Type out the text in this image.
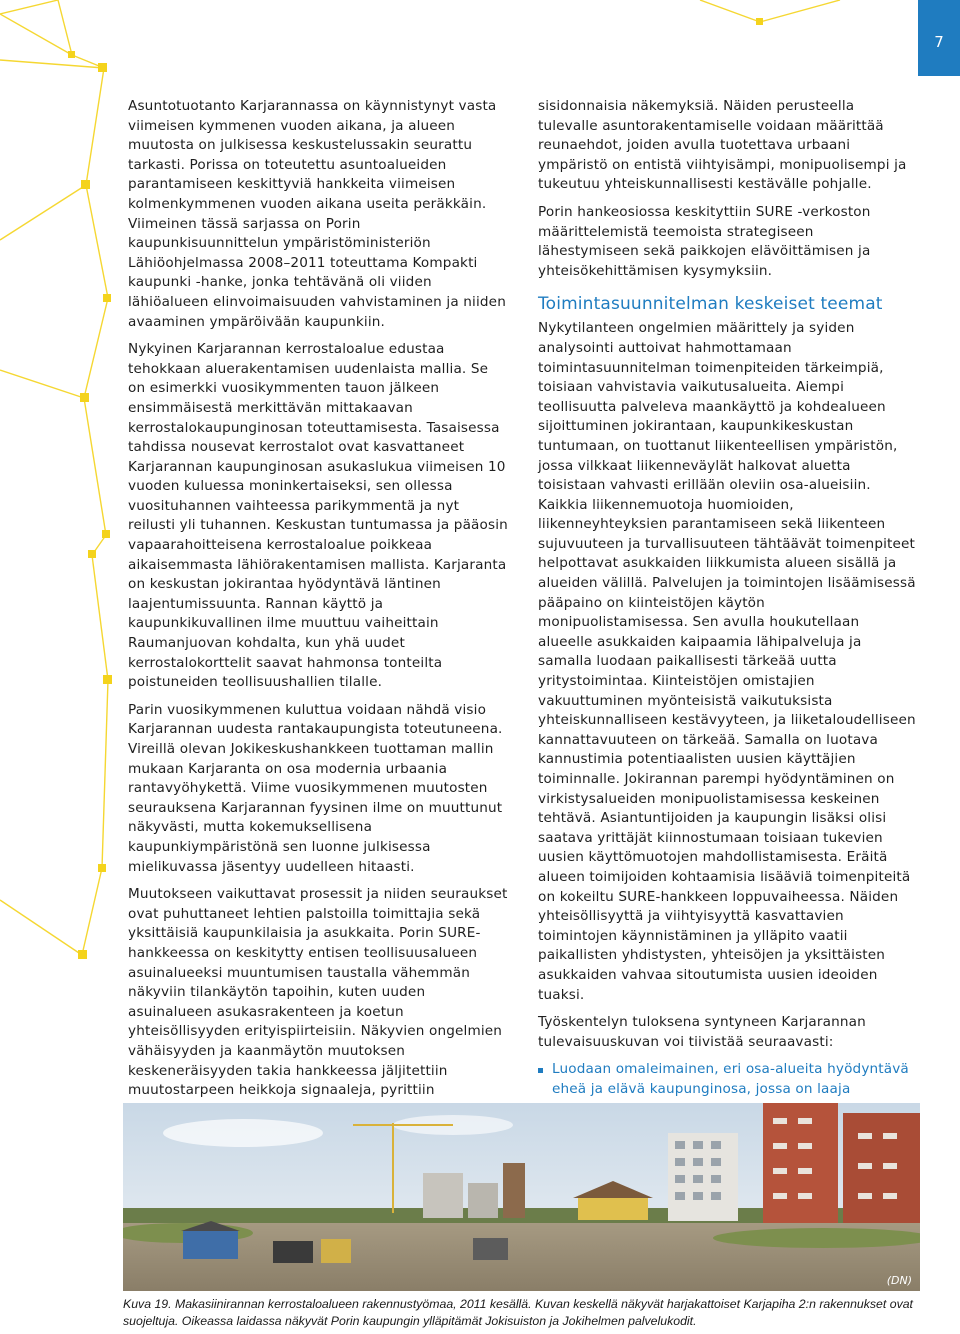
7

Asuntotuotanto Karjarannassa on käynnistynyt vasta viimeisen kymmenen vuoden aikana, ja alueen muutosta on julkisessa keskustelussakin seurattu tarkasti. Porissa on toteutettu asuntoalueiden parantamiseen keskittyviä hankkeita viimeisen kolmenkymmenen vuoden aikana useita peräkkäin. Viimeinen tässä sarjassa on Porin kaupunkisuunnittelun ympäristöministeriön Lähiöohjelmassa 2008–2011 toteuttama Kompakti kaupunki -hanke, jonka tehtävänä oli viiden lähiöalueen elinvoimaisuuden vahvistaminen ja niiden avaaminen ympäröivään kaupunkiin.

Nykyinen Karjarannan kerrostaloalue edustaa tehokkaan aluerakentamisen uudenlaista mallia. Se on esimerkki vuosikymmenten tauon jälkeen ensimmäisestä merkittävän mittakaavan kerrostalokaupunginosan toteuttamisesta. Tasaisessa tahdissa nousevat kerrostalot ovat kasvattaneet Karjarannan kaupunginosan asukaslukua viimeisen 10 vuoden kuluessa moninkertaiseksi, sen ollessa vuosituhannen vaihteessa parikymmentä ja nyt reilusti yli tuhannen. Keskustan tuntumassa ja pääosin vapaarahoitteisena kerrostaloalue poikkeaa aikaisemmasta lähiörakentamisen mallista. Karjaranta on keskustan jokirantaa hyödyntävä läntinen laajentumissuunta. Rannan käyttö ja kaupunkikuvallinen ilme muuttuu vaiheittain Raumanjuovan kohdalta, kun yhä uudet kerrostalokorttelit saavat hahmonsa tonteilta poistuneiden teollisuushallien tilalle.

Parin vuosikymmenen kuluttua voidaan nähdä visio Karjarannan uudesta rantakaupungista toteutuneena. Vireillä olevan Jokikeskushankkeen tuottaman mallin mukaan Karjaranta on osa modernia urbaania rantavyöhykettä. Viime vuosikymmenen muutosten seurauksena Karjarannan fyysinen ilme on muuttunut näkyvästi, mutta kokemuksellisena kaupunkiympäristönä sen luonne julkisessa mielikuvassa jäsentyy uudelleen hitaasti.

Muutokseen vaikuttavat prosessit ja niiden seuraukset ovat puhuttaneet lehtien palstoilla toimittajia sekä yksittäisiä kaupunkilaisia ja asukkaita. Porin SURE-hankkeessa on keskitytty entisen teollisuusalueen asuinalueeksi muuntumisen taustalla vähemmän näkyviin tilankäytön tapoihin, kuten uuden asuinalueen asukasrakenteen ja koetun yhteisöllisyyden erityispiirteisiin. Näkyvien ongelmien vähäisyyden ja kaanmäytön muutoksen keskeneräisyyden takia hankkeessa jäljitettiin muutostarpeen heikkoja signaaleja, pyrittiin

sisidonnaisia näkemyksiä. Näiden perusteella tulevalle asuntorakentamiselle voidaan määrittää reunaehdot, joiden avulla tuotettava urbaani ympäristö on entistä viihtyisämpi, monipuolisempi ja tukeutuu yhteiskunnallisesti kestävälle pohjalle.

Porin hankeosiossa keskityttiin SURE -verkoston määrittelemistä teemoista strategiseen lähestymiseen sekä paikkojen elävöittämisen ja yhteisökehittämisen kysymyksiin.

Toimintasuunnitelman keskeiset teemat

Nykytilanteen ongelmien määrittely ja syiden analysointi auttoivat hahmottamaan toimintasuunnitelman toimenpiteiden tärkeimpiä, toisiaan vahvistavia vaikutusalueita. Aiempi teollisuutta palveleva maankäyttö ja kohdealueen sijoittuminen jokirantaan, kaupunkikeskustan tuntumaan, on tuottanut liikenteellisen ympäristön, jossa vilkkaat liikenneväylät halkovat aluetta toisistaan vahvasti erillään oleviin osa-alueisiin. Kaikkia liikennemuotoja huomioiden, liikenneyhteyksien parantamiseen sekä liikenteen sujuvuuteen ja turvallisuuteen tähtäävät toimenpiteet helpottavat asukkaiden liikkumista alueen sisällä ja alueiden välillä. Palvelujen ja toimintojen lisäämisessä pääpaino on kiinteistöjen käytön monipuolistamisessa. Sen avulla houkutellaan alueelle asukkaiden kaipaamia lähipalveluja ja samalla luodaan paikallisesti tärkeää uutta yritystoimintaa. Kiinteistöjen omistajien vakuuttuminen myönteisistä vaikutuksista yhteiskunnalliseen kestävyyteen, ja liiketaloudelliseen kannattavuuteen on tärkeää. Samalla on luotava kannustimia potentiaalisten uusien käyttäjien toiminnalle. Jokirannan parempi hyödyntäminen on virkistysalueiden monipuolistamisessa keskeinen tehtävä. Asiantuntijoiden ja kaupungin lisäksi olisi saatava yrittäjät kiinnostumaan toisiaan tukevien uusien käyttömuotojen mahdollistamisesta. Eräitä alueen toimijoiden kohtaamisia lisääviä toimenpiteitä on kokeiltu SURE-hankkeen loppuvaiheessa. Näiden yhteisöllisyyttä ja viihtyisyyttä kasvattavien toimintojen käynnistäminen ja ylläpito vaatii paikallisten yhdistysten, yhteisöjen ja yksittäisten asukkaiden vahvaa sitoutumista uusien ideoiden tuaksi.

Työskentelyn tuloksena syntyneen Karjarannan tulevaisuuskuvan voi tiivistää seuraavasti:

Luodaan omaleimainen, eri osa-alueita hyödyntävä eheä ja elävä kaupunginosa, jossa on laaja
(DN)
Kuva 19. Makasiinirannan kerrostaloalueen rakennustyömaa, 2011 kesällä. Kuvan keskellä näkyvät harjakattoiset Karjapiha 2:n rakennukset ovat suojeltuja. Oikeassa laidassa näkyvät Porin kaupungin ylläpitämät Jokisuiston ja Jokihelmen palvelukodit.
